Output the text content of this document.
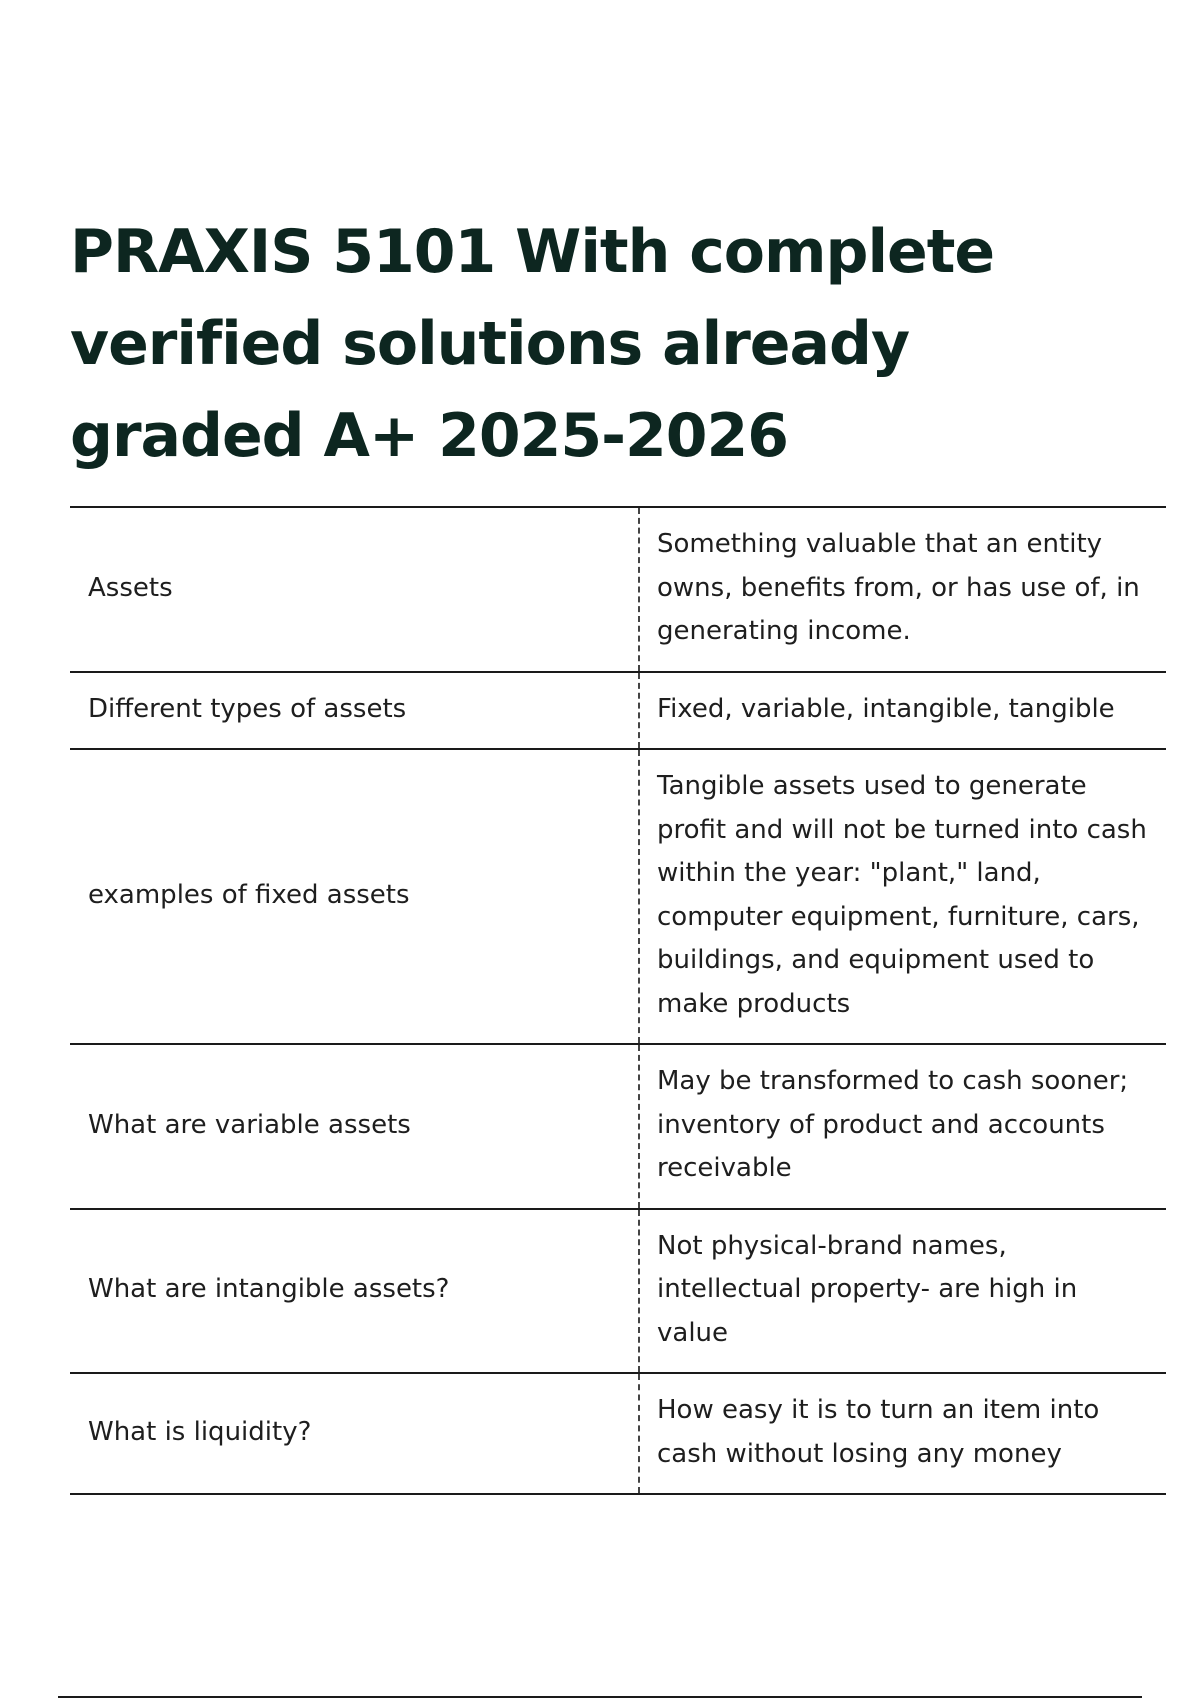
PRAXIS 5101 With complete
verified solutions already
graded A+ 2025-2026
Assets	Something valuable that an entity owns, benefits from, or has use of, in generating income.
Different types of assets	Fixed, variable, intangible, tangible
examples of fixed assets	Tangible assets used to generate profit and will not be turned into cash within the year: "plant," land, computer equipment, furniture, cars, buildings, and equipment used to make products
What are variable assets	May be transformed to cash sooner; inventory of product and accounts receivable
What are intangible assets?	Not physical-brand names, intellectual property- are high in value
What is liquidity?	How easy it is to turn an item into cash without losing any money
